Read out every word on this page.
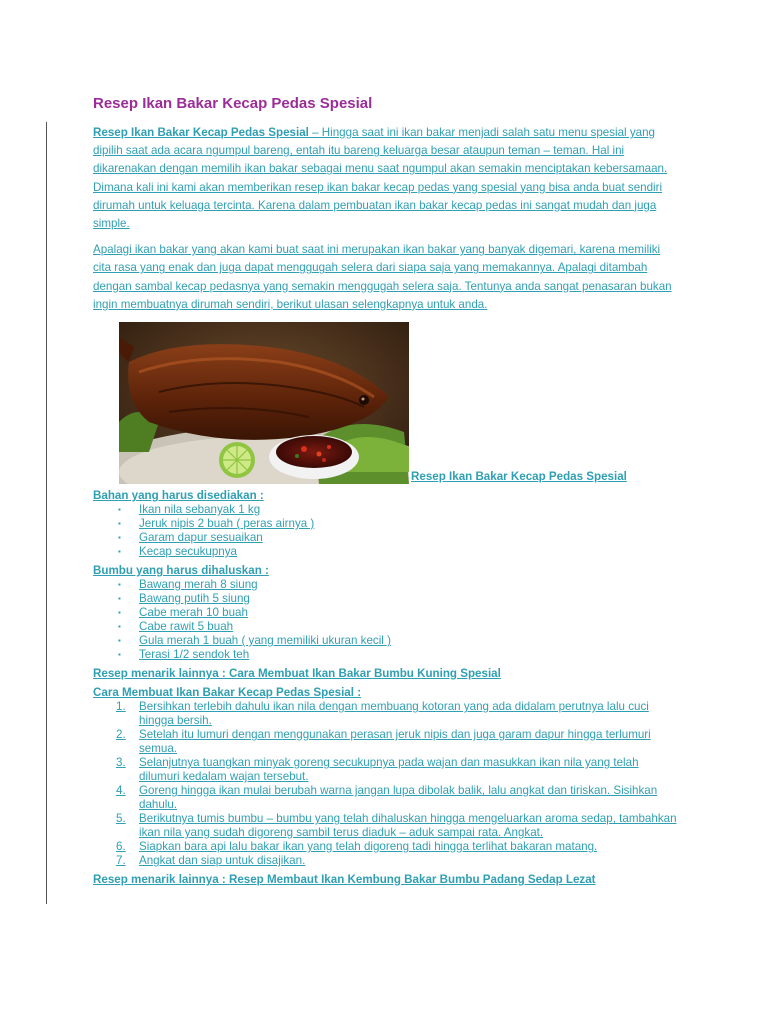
Resep Ikan Bakar Kecap Pedas Spesial

Resep Ikan Bakar Kecap Pedas Spesial – Hingga saat ini ikan bakar menjadi salah satu menu spesial yang dipilih saat ada acara ngumpul bareng, entah itu bareng keluarga besar ataupun teman – teman. Hal ini dikarenakan dengan memilih ikan bakar sebagai menu saat ngumpul akan semakin menciptakan kebersamaan. Dimana kali ini kami akan memberikan resep ikan bakar kecap pedas yang spesial yang bisa anda buat sendiri dirumah untuk keluaga tercinta. Karena dalam pembuatan ikan bakar kecap pedas ini sangat mudah dan juga simple.

Apalagi ikan bakar yang akan kami buat saat ini merupakan ikan bakar yang banyak digemari, karena memiliki cita rasa yang enak dan juga dapat menggugah selera dari siapa saja yang memakannya. Apalagi ditambah dengan sambal kecap pedasnya yang semakin menggugah selera saja. Tentunya anda sangat penasaran bukan ingin membuatnya dirumah sendiri, berikut ulasan selengkapnya untuk anda.

Resep Ikan Bakar Kecap Pedas Spesial
Bahan yang harus disediakan :
▪ Ikan nila sebanyak 1 kg
▪ Jeruk nipis 2 buah ( peras airnya )
▪ Garam dapur sesuaikan
▪ Kecap secukupnya
Bumbu yang harus dihaluskan :
▪ Bawang merah 8 siung
▪ Bawang putih 5 siung
▪ Cabe merah 10 buah
▪ Cabe rawit 5 buah
▪ Gula merah 1 buah ( yang memiliki ukuran kecil )
▪ Terasi 1/2 sendok teh
Resep menarik lainnya : Cara Membuat Ikan Bakar Bumbu Kuning Spesial
Cara Membuat Ikan Bakar Kecap Pedas Spesial :
1. Bersihkan terlebih dahulu ikan nila dengan membuang kotoran yang ada didalam perutnya lalu cuci hingga bersih.
2. Setelah itu lumuri dengan menggunakan perasan jeruk nipis dan juga garam dapur hingga terlumuri semua.
3. Selanjutnya tuangkan minyak goreng secukupnya pada wajan dan masukkan ikan nila yang telah dilumuri kedalam wajan tersebut.
4. Goreng hingga ikan mulai berubah warna jangan lupa dibolak balik, lalu angkat dan tiriskan. Sisihkan dahulu.
5. Berikutnya tumis bumbu – bumbu yang telah dihaluskan hingga mengeluarkan aroma sedap, tambahkan ikan nila yang sudah digoreng sambil terus diaduk – aduk sampai rata. Angkat.
6. Siapkan bara api lalu bakar ikan yang telah digoreng tadi hingga terlihat bakaran matang.
7. Angkat dan siap untuk disajikan.
Resep menarik lainnya : Resep Membaut Ikan Kembung Bakar Bumbu Padang Sedap Lezat
